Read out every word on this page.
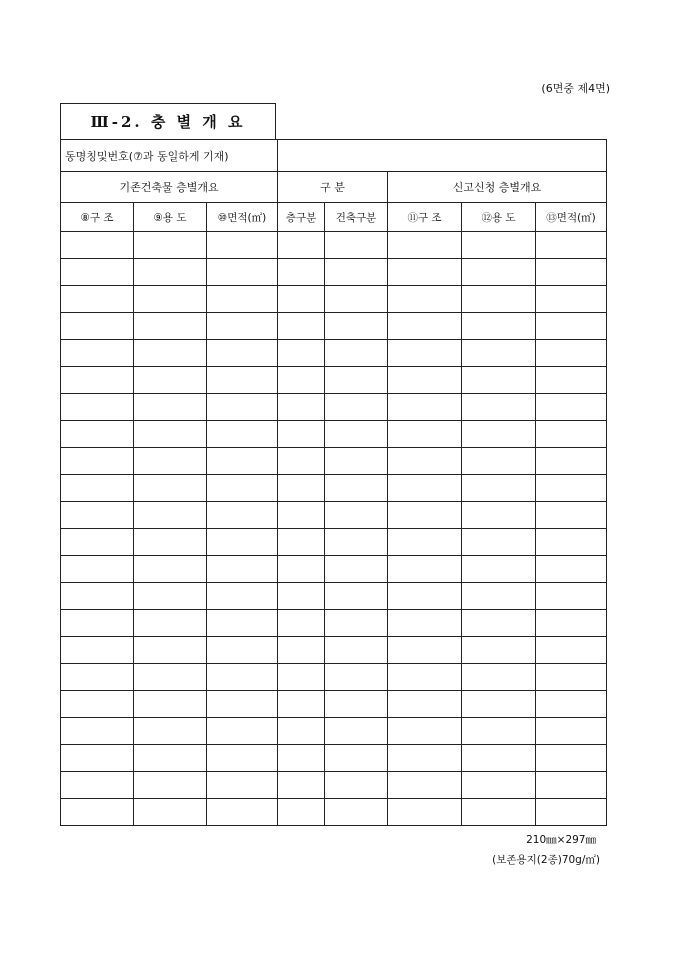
(6면중 제4면)
Ⅲ-2. 충 별 개 요
동명칭및번호(⑦과 동일하게 기재)							
기존건축물 층별개요			구 분		신고신청 층별개요		
⑧구 조	⑨용 도	⑩면적(㎡)	층구분	건축구분	⑪구 조	⑫용 도	⑬면적(㎡)

210㎜×297㎜
(보존용지(2종)70g/㎡)
